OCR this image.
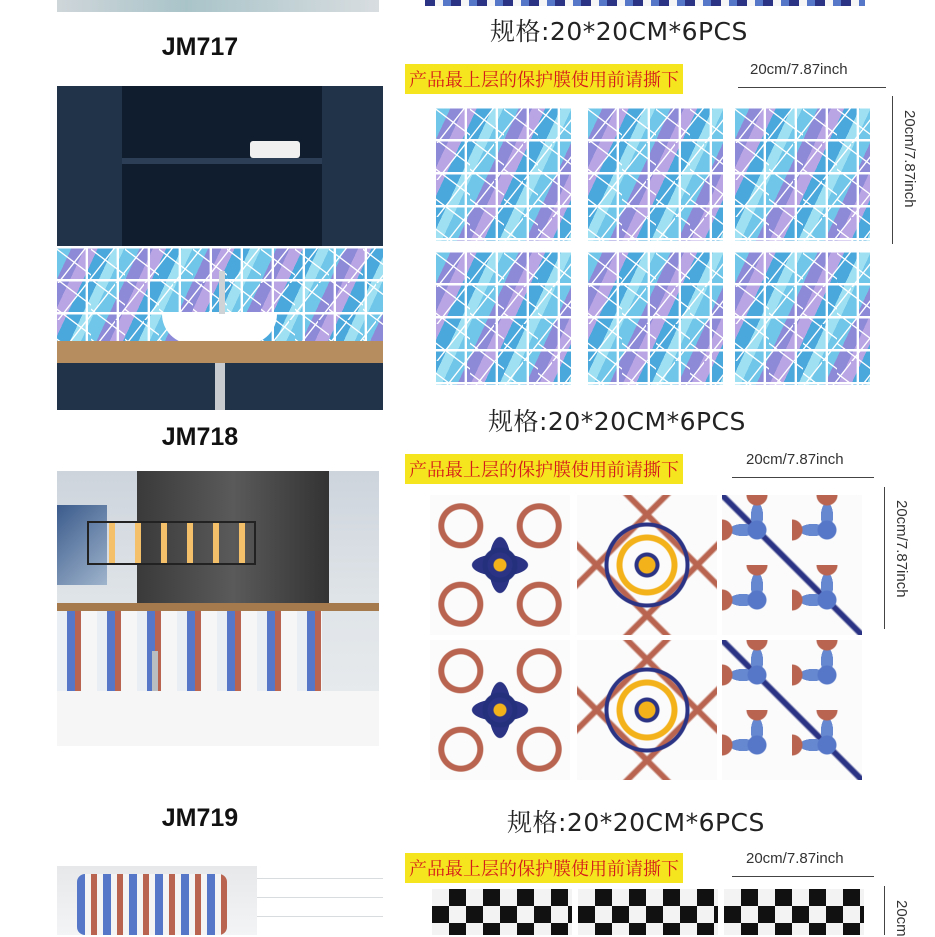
JM717
规格:20*20CM*6PCS
产品最上层的保护膜使用前请撕下
20cm/7.87inch
20cm/7.87inch
规格:20*20CM*6PCS
JM718
产品最上层的保护膜使用前请撕下
20cm/7.87inch
20cm/7.87inch
JM719	规格:20*20CM*6PCS
产品最上层的保护膜使用前请撕下
20cm/7.87inch
20cm
